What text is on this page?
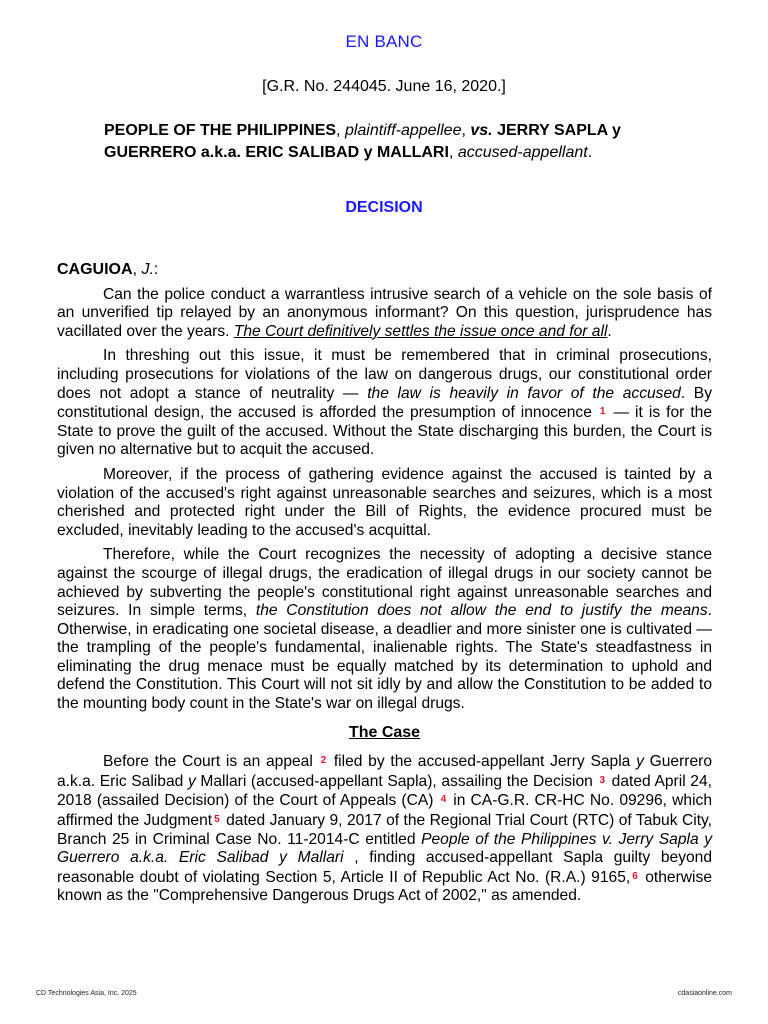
EN BANC
[G.R. No. 244045. June 16, 2020.]
PEOPLE OF THE PHILIPPINES, plaintiff-appellee, vs. JERRY SAPLA y GUERRERO a.k.a. ERIC SALIBAD y MALLARI, accused-appellant.
DECISION

CAGUIOA, J.:

Can the police conduct a warrantless intrusive search of a vehicle on the sole basis of an unverified tip relayed by an anonymous informant? On this question, jurisprudence has vacillated over the years. The Court definitively settles the issue once and for all.

In threshing out this issue, it must be remembered that in criminal prosecutions, including prosecutions for violations of the law on dangerous drugs, our constitutional order does not adopt a stance of neutrality — the law is heavily in favor of the accused. By constitutional design, the accused is afforded the presumption of innocence $^1$ — it is for the State to prove the guilt of the accused. Without the State discharging this burden, the Court is given no alternative but to acquit the accused.

Moreover, if the process of gathering evidence against the accused is tainted by a violation of the accused's right against unreasonable searches and seizures, which is a most cherished and protected right under the Bill of Rights, the evidence procured must be excluded, inevitably leading to the accused's acquittal.

Therefore, while the Court recognizes the necessity of adopting a decisive stance against the scourge of illegal drugs, the eradication of illegal drugs in our society cannot be achieved by subverting the people's constitutional right against unreasonable searches and seizures. In simple terms, the Constitution does not allow the end to justify the means. Otherwise, in eradicating one societal disease, a deadlier and more sinister one is cultivated — the trampling of the people's fundamental, inalienable rights. The State's steadfastness in eliminating the drug menace must be equally matched by its determination to uphold and defend the Constitution. This Court will not sit idly by and allow the Constitution to be added to the mounting body count in the State's war on illegal drugs.

The Case

Before the Court is an appeal $^2$ filed by the accused-appellant Jerry Sapla y Guerrero a.k.a. Eric Salibad y Mallari (accused-appellant Sapla), assailing the Decision $^3$ dated April 24, 2018 (assailed Decision) of the Court of Appeals (CA) $^4$ in CA-G.R. CR-HC No. 09296, which affirmed the Judgment $^5$ dated January 9, 2017 of the Regional Trial Court (RTC) of Tabuk City, Branch 25 in Criminal Case No. 11-2014-C entitled People of the Philippines v. Jerry Sapla y Guerrero a.k.a. Eric Salibad y Mallari , finding accused-appellant Sapla guilty beyond reasonable doubt of violating Section 5, Article II of Republic Act No. (R.A.) 9165, $^6$ otherwise known as the "Comprehensive Dangerous Drugs Act of 2002," as amended.

CD Technologies Asia, Inc. 2025	cdasiaonline.com
